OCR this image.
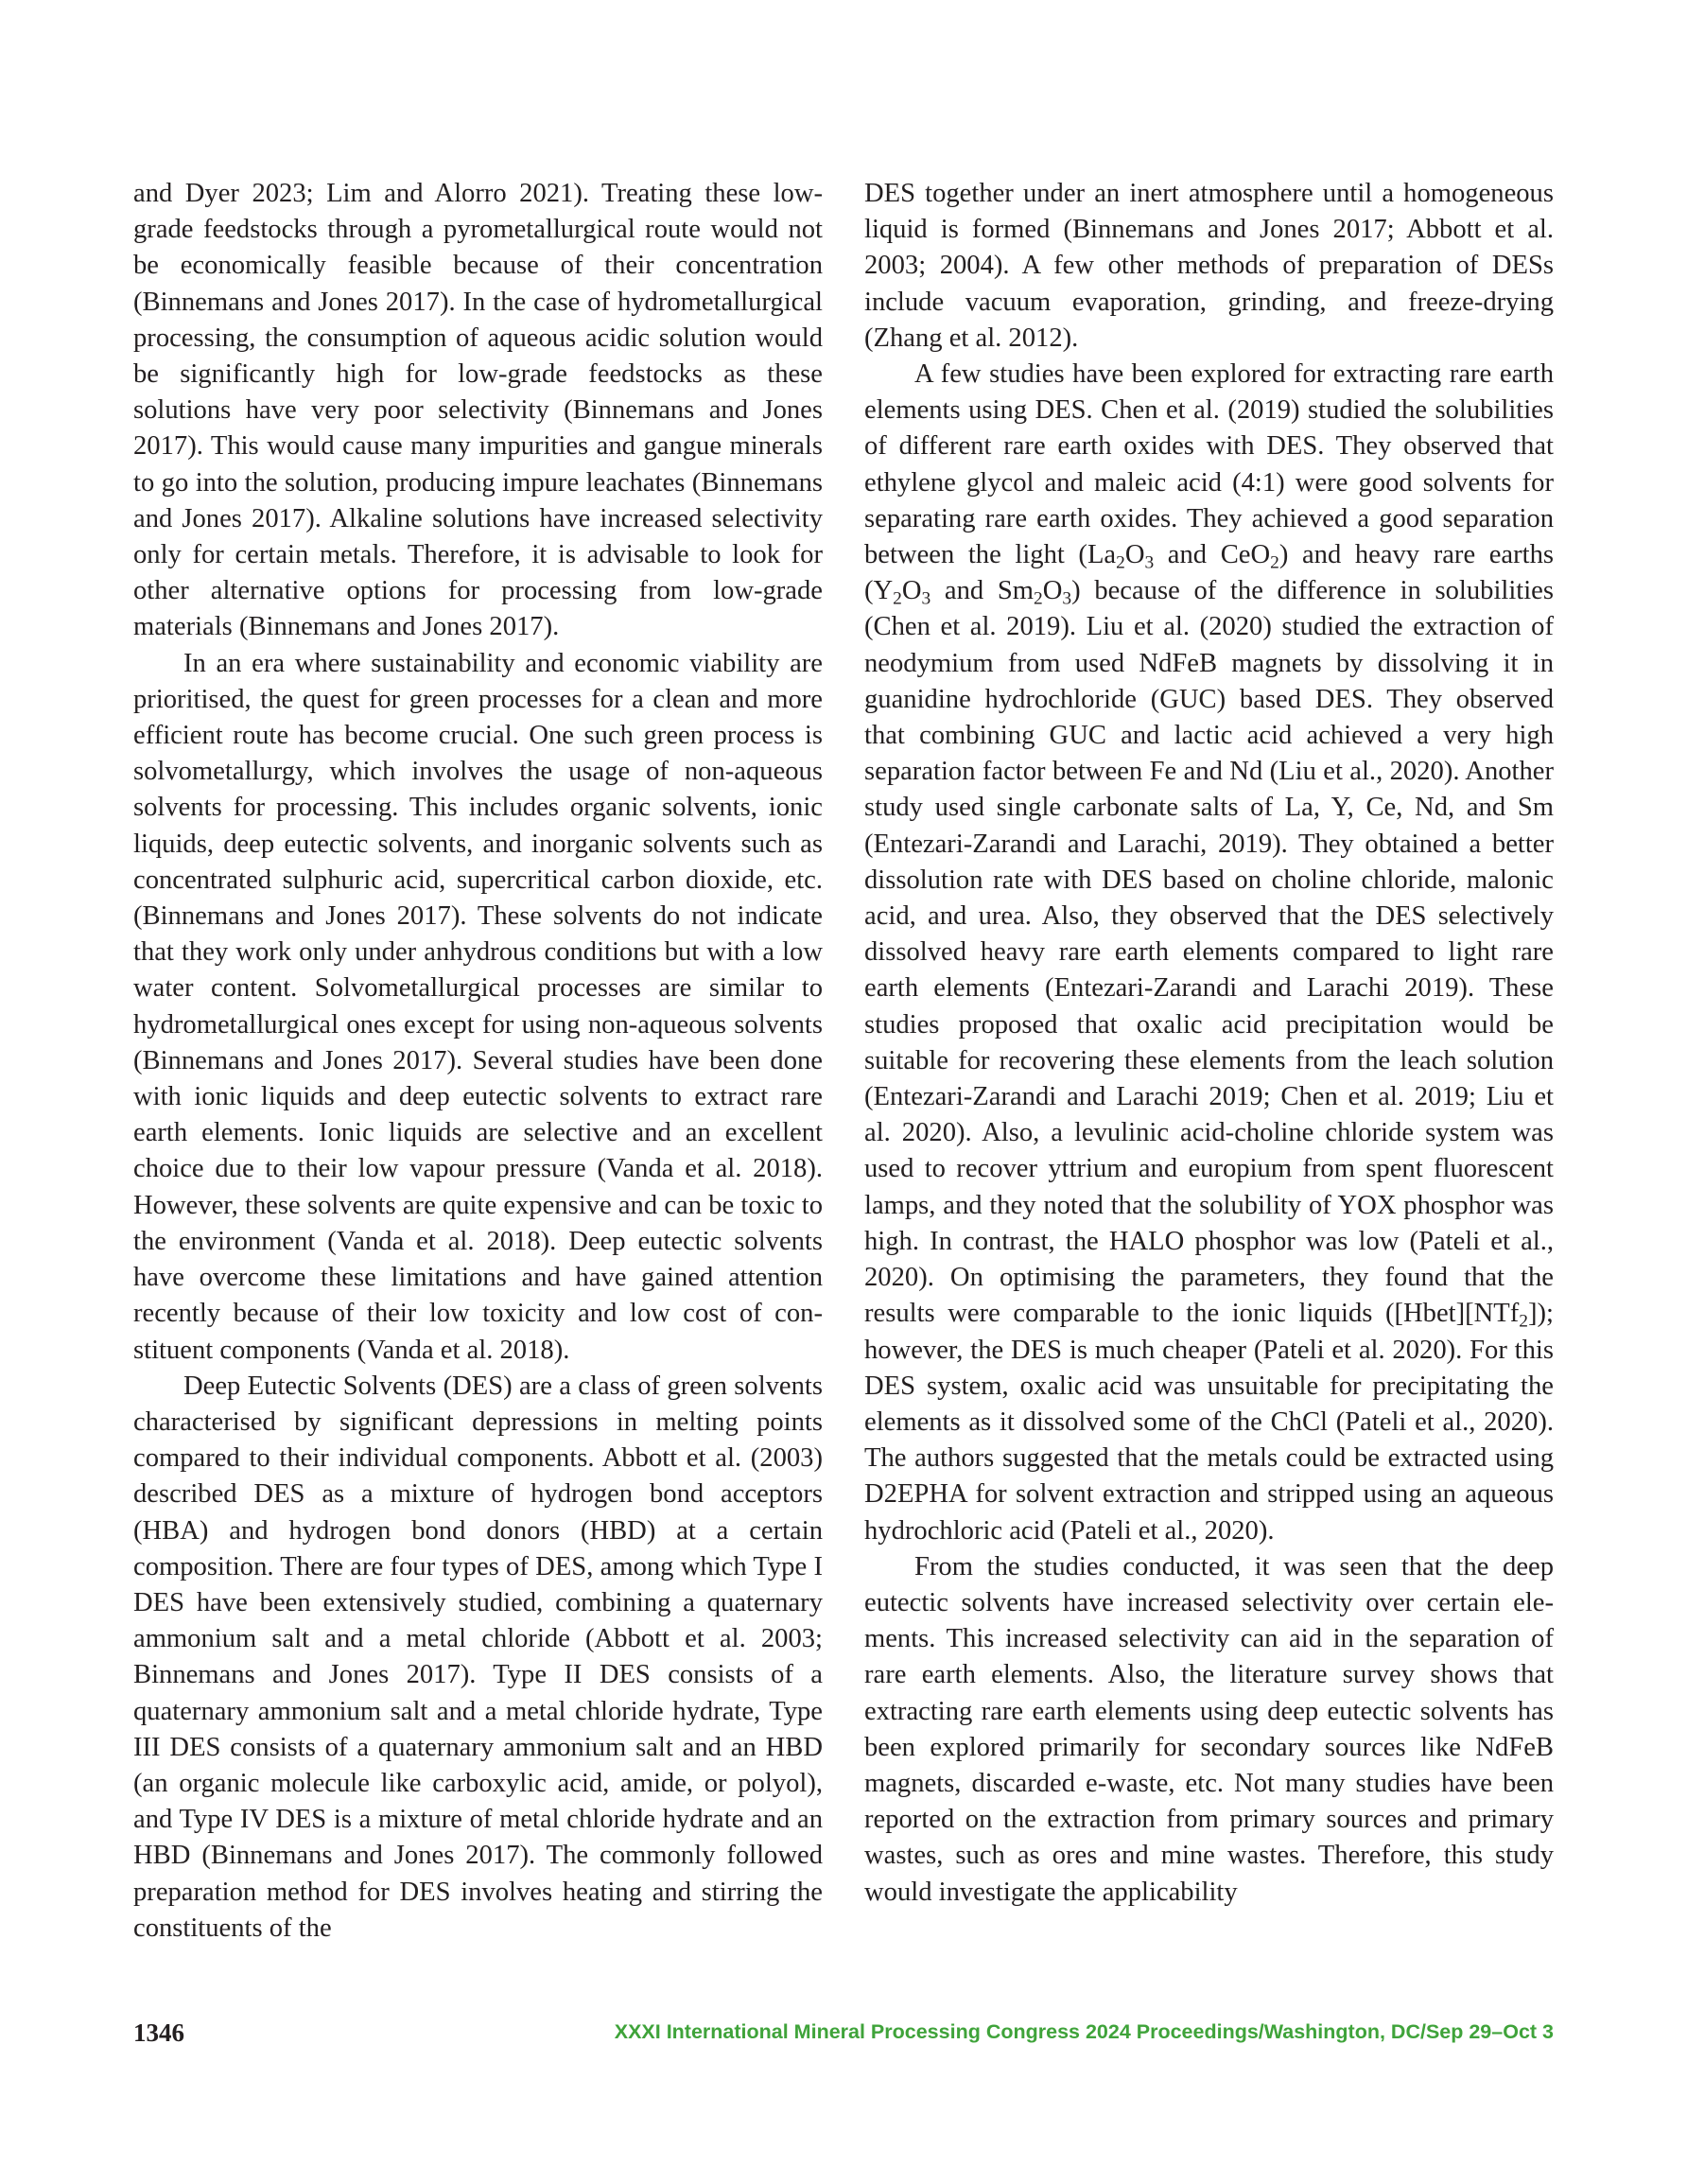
and Dyer 2023; Lim and Alorro 2021). Treating these low-grade feedstocks through a pyrometallurgical route would not be economically feasible because of their concentration (Binnemans and Jones 2017). In the case of hydrometallurgical processing, the consumption of aqueous acidic solution would be significantly high for low-grade feedstocks as these solutions have very poor selectivity (Binnemans and Jones 2017). This would cause many impurities and gangue minerals to go into the solution, producing impure leachates (Binnemans and Jones 2017). Alkaline solutions have increased selectivity only for certain metals. Therefore, it is advisable to look for other alternative options for processing from low-grade materials (Binnemans and Jones 2017).

In an era where sustainability and economic viability are prioritised, the quest for green processes for a clean and more efficient route has become crucial. One such green process is solvometallurgy, which involves the usage of non-aqueous solvents for processing. This includes organic solvents, ionic liquids, deep eutectic solvents, and inorganic solvents such as concentrated sulphuric acid, supercritical carbon dioxide, etc. (Binnemans and Jones 2017). These solvents do not indicate that they work only under anhydrous conditions but with a low water content. Solvometallurgical processes are similar to hydrometallurgical ones except for using non-aqueous solvents (Binnemans and Jones 2017). Several studies have been done with ionic liquids and deep eutectic solvents to extract rare earth elements. Ionic liquids are selective and an excellent choice due to their low vapour pressure (Vanda et al. 2018). However, these solvents are quite expensive and can be toxic to the environment (Vanda et al. 2018). Deep eutectic solvents have overcome these limitations and have gained attention recently because of their low toxicity and low cost of constituent components (Vanda et al. 2018).

Deep Eutectic Solvents (DES) are a class of green solvents characterised by significant depressions in melting points compared to their individual components. Abbott et al. (2003) described DES as a mixture of hydrogen bond acceptors (HBA) and hydrogen bond donors (HBD) at a certain composition. There are four types of DES, among which Type I DES have been extensively studied, combining a quaternary ammonium salt and a metal chloride (Abbott et al. 2003; Binnemans and Jones 2017). Type II DES consists of a quaternary ammonium salt and a metal chloride hydrate, Type III DES consists of a quaternary ammonium salt and an HBD (an organic molecule like carboxylic acid, amide, or polyol), and Type IV DES is a mixture of metal chloride hydrate and an HBD (Binnemans and Jones 2017). The commonly followed preparation method for DES involves heating and stirring the constituents of the

DES together under an inert atmosphere until a homogeneous liquid is formed (Binnemans and Jones 2017; Abbott et al. 2003; 2004). A few other methods of preparation of DESs include vacuum evaporation, grinding, and freeze-drying (Zhang et al. 2012).

A few studies have been explored for extracting rare earth elements using DES. Chen et al. (2019) studied the solubilities of different rare earth oxides with DES. They observed that ethylene glycol and maleic acid (4:1) were good solvents for separating rare earth oxides. They achieved a good separation between the light ($La_2O_3$ and CeO$_2$) and heavy rare earths ($Y_2O_3$ and $Sm_2O_3$) because of the difference in solubilities (Chen et al. 2019). Liu et al. (2020) studied the extraction of neodymium from used NdFeB magnets by dissolving it in guanidine hydrochloride (GUC) based DES. They observed that combining GUC and lactic acid achieved a very high separation factor between Fe and Nd (Liu et al., 2020). Another study used single carbonate salts of La, Y, Ce, Nd, and Sm (Entezari-Zarandi and Larachi, 2019). They obtained a better dissolution rate with DES based on choline chloride, malonic acid, and urea. Also, they observed that the DES selectively dissolved heavy rare earth elements compared to light rare earth elements (Entezari-Zarandi and Larachi 2019). These studies proposed that oxalic acid precipitation would be suitable for recovering these elements from the leach solution (Entezari-Zarandi and Larachi 2019; Chen et al. 2019; Liu et al. 2020). Also, a levulinic acid-choline chloride system was used to recover yttrium and europium from spent fluorescent lamps, and they noted that the solubility of YOX phosphor was high. In contrast, the HALO phosphor was low (Pateli et al., 2020). On optimising the parameters, they found that the results were comparable to the ionic liquids ([Hbet][NTf$_2$]); however, the DES is much cheaper (Pateli et al. 2020). For this DES system, oxalic acid was unsuitable for precipitating the elements as it dissolved some of the ChCl (Pateli et al., 2020). The authors suggested that the metals could be extracted using D2EPHA for solvent extraction and stripped using an aqueous hydrochloric acid (Pateli et al., 2020).

From the studies conducted, it was seen that the deep eutectic solvents have increased selectivity over certain elements. This increased selectivity can aid in the separation of rare earth elements. Also, the literature survey shows that extracting rare earth elements using deep eutectic solvents has been explored primarily for secondary sources like NdFeB magnets, discarded e-waste, etc. Not many studies have been reported on the extraction from primary sources and primary wastes, such as ores and mine wastes. Therefore, this study would investigate the applicability

1346	XXXI International Mineral Processing Congress 2024 Proceedings/Washington, DC/Sep 29–Oct 3
